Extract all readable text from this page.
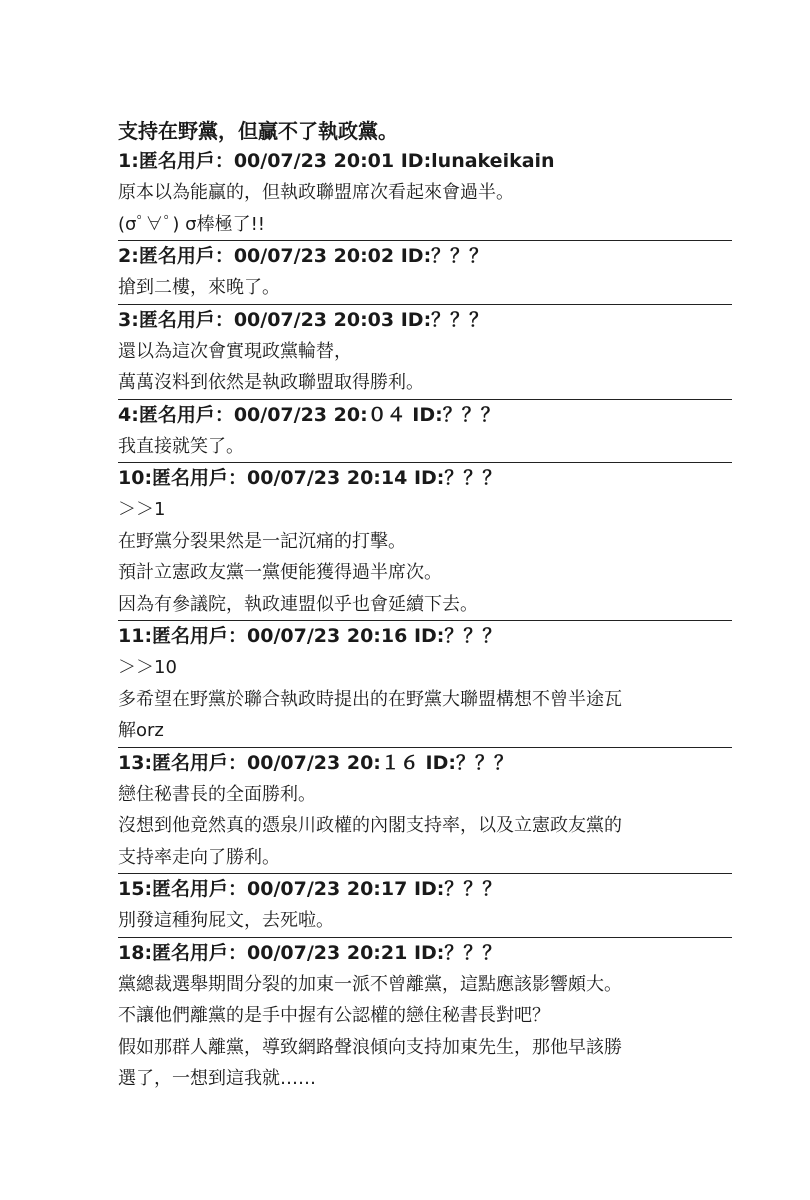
支持在野黨，但贏不了執政黨。
1:匿名用戶：00/07/23 20:01 ID:lunakeikain
原本以為能贏的，但執政聯盟席次看起來會過半。
(σﾟ∀ﾟ) σ棒極了!!
2:匿名用戶：00/07/23 20:02 ID:？？？
搶到二樓，來晚了。
3:匿名用戶：00/07/23 20:03 ID:？？？
還以為這次會實現政黨輪替，
萬萬沒料到依然是執政聯盟取得勝利。
4:匿名用戶：00/07/23 20:０４ ID:？？？
我直接就笑了。
10:匿名用戶：00/07/23 20:14 ID:？？？
＞＞1
在野黨分裂果然是一記沉痛的打擊。
預計立憲政友黨一黨便能獲得過半席次。
因為有參議院，執政連盟似乎也會延續下去。
11:匿名用戶：00/07/23 20:16 ID:？？？
＞＞10
多希望在野黨於聯合執政時提出的在野黨大聯盟構想不曾半途瓦
解orz
13:匿名用戶：00/07/23 20:１６ ID:？？？
戀住秘書長的全面勝利。
沒想到他竟然真的憑泉川政權的內閣支持率，以及立憲政友黨的
支持率走向了勝利。
15:匿名用戶：00/07/23 20:17 ID:？？？
別發這種狗屁文，去死啦。
18:匿名用戶：00/07/23 20:21 ID:？？？
黨總裁選舉期間分裂的加東一派不曾離黨，這點應該影響頗大。
不讓他們離黨的是手中握有公認權的戀住秘書長對吧？
假如那群人離黨，導致網路聲浪傾向支持加東先生，那他早該勝
選了，一想到這我就……
